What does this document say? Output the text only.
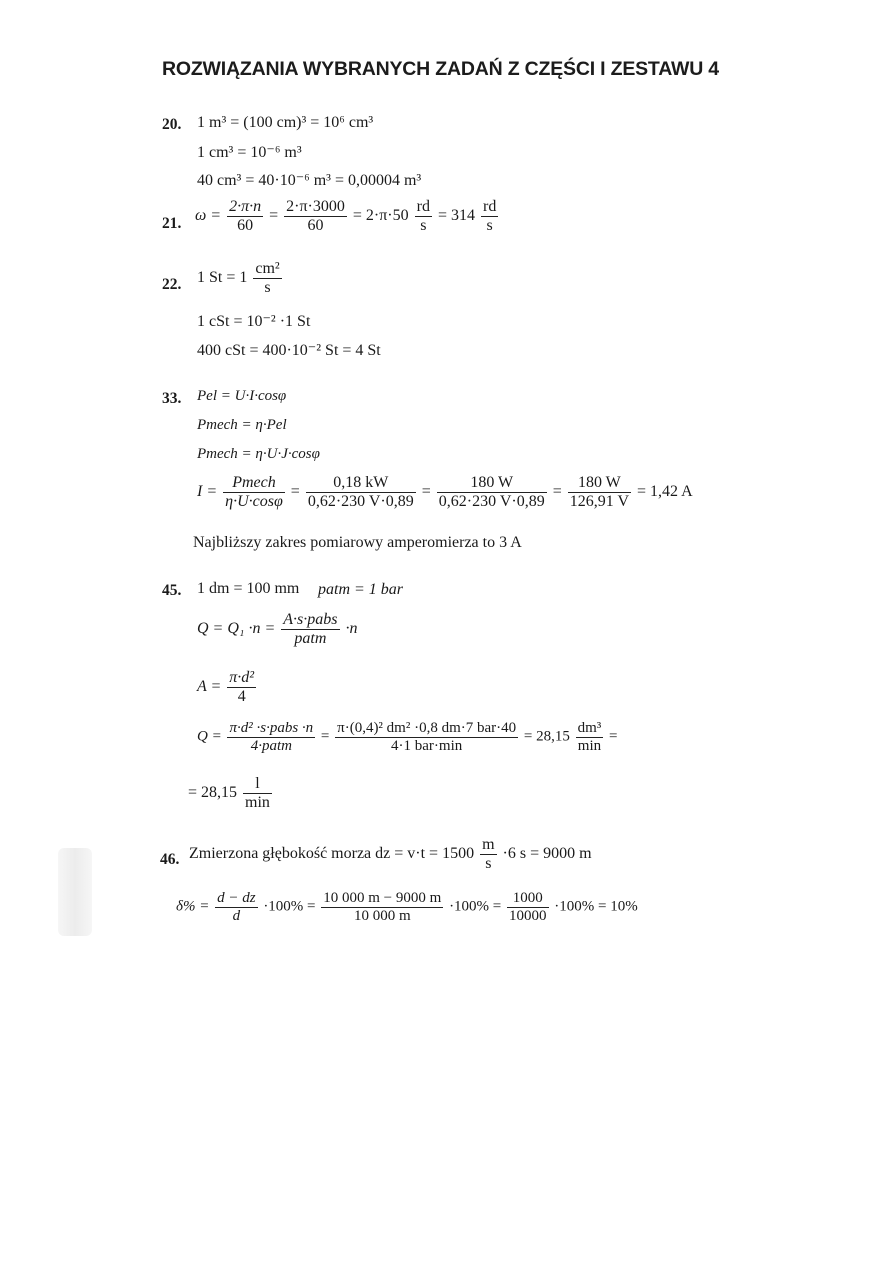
ROZWIĄZANIA WYBRANYCH ZADAŃ Z CZĘŚCI I ZESTAWU 4
20. 1 m³ = (100 cm)³ = 10⁶ cm³
1 cm³ = 10⁻⁶ m³
40 cm³ = 40·10⁻⁶ m³ = 0,00004 m³
21. $\omega = \frac{2\cdot\pi\cdot n}{60} = \frac{2\cdot\pi\cdot 3000}{60} = 2\cdot\pi\cdot 50 \frac{rd}{s} = 314 \frac{rd}{s}$
22. 1 $St = 1 \frac{\text{cm²}}{s}$
1 cSt = 10⁻² ·1 St
400 cSt = 400·10⁻² St = 4 St
33. Pel = U·I·cosφ
Pmech = η·Pel
Pmech = η·U·J·cosφ
$I = \frac{\text{Pmech}}{\eta\cdot U\cdot\cos\varphi} = \frac{0,18 kW}{0,62\cdot 230 V\cdot 0,89} = \frac{180 W}{0,62\cdot 230 V\cdot 0,89} = \frac{180 W}{126,91 V} = 1,42$ A
Najbliższy zakres pomiarowy amperomierza to 3 A
45. 1 dm = 100 mm patm = 1 bar
$Q = Q_1 \cdot n = \frac{\text{A·s·pabs}}{\text{patm}} \cdot n$
$A = \frac{\text{π·d²}}{4}$
$Q = \frac{\text{π·d² ·s·pabs ·n}}{\text{4·patm}} = \frac{\text{π·(0,4)² dm² ·0,8 dm·7 bar·40}}{\text{4·1 bar·min}} = 28,15 \frac{\text{dm³}}{\min}$ =
= $28,15 \frac{l}{\min}$
46. Zmierzona głębokość morza dz = $v\cdot t = 1500 \frac{m}{s} \cdot 6$ s = 9000 m
$\delta\% = \frac{d - dz}{d} \cdot 100\% = \frac{10 000 m - 9000 m}{10 000 m} \cdot 100\% = \frac{1000}{10000} \cdot 100\% = 10\%$
